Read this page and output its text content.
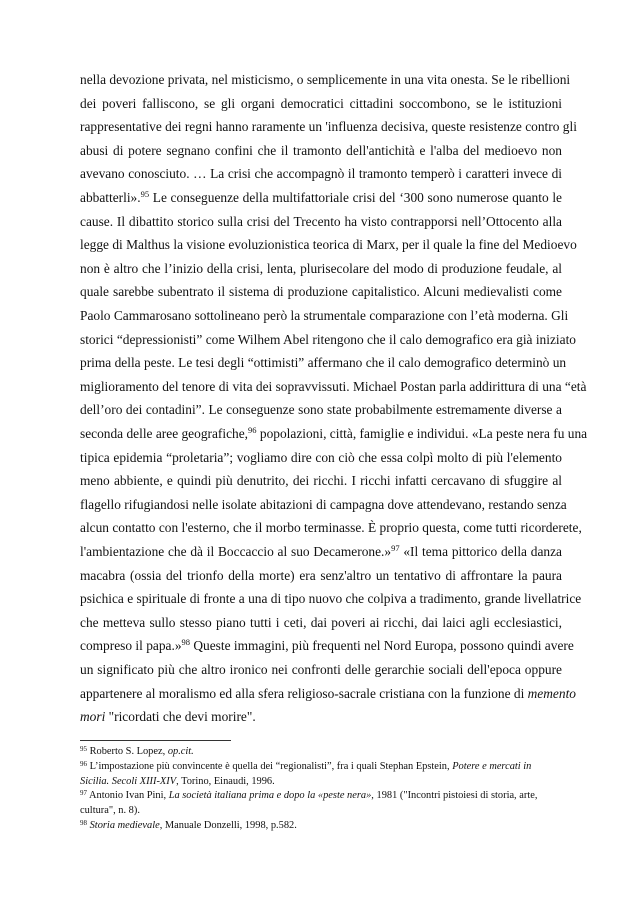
nella devozione privata, nel misticismo, o semplicemente in una vita onesta. Se le ribellioni
dei poveri falliscono, se gli organi democratici cittadini soccombono, se le istituzioni
rappresentative dei regni hanno raramente un 'influenza decisiva, queste resistenze contro gli
abusi di potere segnano confini che il tramonto dell'antichità e l'alba del medioevo non
avevano conosciuto. … La crisi che accompagnò il tramonto temperò i caratteri invece di
abbatterli».$^{95}$ Le conseguenze della multifattoriale crisi del ‘300 sono numerose quanto le
cause. Il dibattito storico sulla crisi del Trecento ha visto contrapporsi nell’Ottocento alla
legge di Malthus la visione evoluzionistica teorica di Marx, per il quale la fine del Medioevo
non è altro che l’inizio della crisi, lenta, plurisecolare del modo di produzione feudale, al
quale sarebbe subentrato il sistema di produzione capitalistico. Alcuni medievalisti come
Paolo Cammarosano sottolineano però la strumentale comparazione con l’età moderna. Gli
storici “depressionisti” come Wilhem Abel ritengono che il calo demografico era già iniziato
prima della peste. Le tesi degli “ottimisti” affermano che il calo demografico determinò un
miglioramento del tenore di vita dei sopravvissuti. Michael Postan parla addirittura di una “età
dell’oro dei contadini”. Le conseguenze sono state probabilmente estremamente diverse a
seconda delle aree geografiche,$^{96}$ popolazioni, città, famiglie e individui. «La peste nera fu una
tipica epidemia “proletaria”; vogliamo dire con ciò che essa colpì molto di più l'elemento
meno abbiente, e quindi più denutrito, dei ricchi. I ricchi infatti cercavano di sfuggire al
flagello rifugiandosi nelle isolate abitazioni di campagna dove attendevano, restando senza
alcun contatto con l'esterno, che il morbo terminasse. È proprio questa, come tutti ricorderete,
l'ambientazione che dà il Boccaccio al suo Decamerone.»$^{97}$ «Il tema pittorico della danza
macabra (ossia del trionfo della morte) era senz'altro un tentativo di affrontare la paura
psichica e spirituale di fronte a una di tipo nuovo che colpiva a tradimento, grande livellatrice
che metteva sullo stesso piano tutti i ceti, dai poveri ai ricchi, dai laici agli ecclesiastici,
compreso il papa.»$^{98}$ Queste immagini, più frequenti nel Nord Europa, possono quindi avere
un significato più che altro ironico nei confronti delle gerarchie sociali dell'epoca oppure
appartenere al moralismo ed alla sfera religioso-sacrale cristiana con la funzione di memento
mori "ricordati che devi morire".
$^{95}$ Roberto S. Lopez, op.cit.
$^{96}$ L’impostazione più convincente è quella dei “regionalisti”, fra i quali Stephan Epstein, Potere e mercati in
Sicilia. Secoli XIII-XIV, Torino, Einaudi, 1996.
$^{97}$ Antonio Ivan Pini, La società italiana prima e dopo la «peste nera», 1981 ("Incontri pistoiesi di storia, arte,
cultura", n. 8).
$^{98}$ Storia medievale, Manuale Donzelli, 1998, p.582.
